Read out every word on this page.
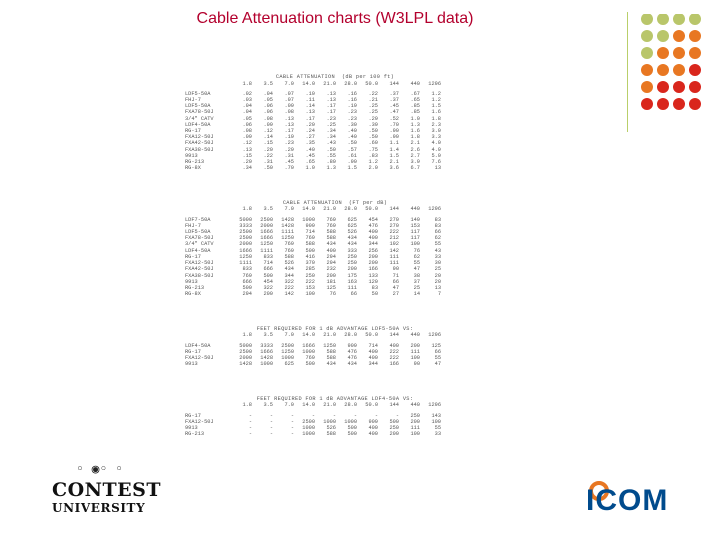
Cable Attenuation charts (W3LPL data)

CABLE ATTENUATION  (dB per 100 ft)
1.8	3.5	7.0	14.0	21.0	28.0	50.0	144	440	1296
LDF5-50A	.02	.04	.07	.10	.13	.16	.22	.37	.67	1.2
FHJ-7	.03	.05	.07	.11	.13	.16	.21	.37	.65	1.2
LDF5-50A	.04	.06	.09	.14	.17	.19	.25	.45	.85	1.5
FXA78-50J	.04	.06	.08	.13	.17	.23	.25	.47	.85	1.6
3/4" CATV	.05	.08	.13	.17	.23	.23	.29	.52	1.0	1.8
LDF4-50A	.06	.09	.13	.20	.25	.30	.39	.70	1.3	2.3
RG-17	.08	.12	.17	.24	.34	.40	.50	.90	1.6	3.0
FXA12-50J	.09	.14	.19	.27	.34	.40	.50	.90	1.8	3.3
FXA42-50J	.12	.15	.23	.35	.43	.50	.60	1.1	2.1	4.0
FXA38-50J	.13	.20	.29	.40	.50	.57	.75	1.4	2.6	4.9
9913	.15	.22	.31	.45	.55	.61	.83	1.5	2.7	5.0
RG-213	.20	.31	.45	.65	.80	.90	1.2	2.1	3.9	7.6
RG-8X	.34	.50	.70	1.0	1.3	1.5	2.0	3.6	6.7	13

CABLE ATTENUATION  (FT per dB)
1.8	3.5	7.0	14.0	21.0	28.0	50.0	144	440	1296
LDF7-50A	5000	2500	1428	1000	769	625	454	270	149	83
FHJ-7	3333	2000	1428	909	769	625	476	270	153	83
LDF5-50A	2500	1666	1111	714	588	526	400	222	117	66
FXA78-50J	2500	1666	1250	769	588	434	400	212	117	62
3/4" CATV	2000	1250	769	588	434	434	344	192	100	55
LDF4-50A	1666	1111	769	500	400	333	256	142	76	43
RG-17	1250	833	588	416	294	250	200	111	62	33
FXA12-50J	1111	714	526	370	294	250	200	111	55	30
FXA42-50J	833	666	434	285	232	200	166	90	47	25
FXA38-50J	769	500	344	250	200	175	133	71	38	20
9913	666	454	322	222	181	163	120	66	37	20
RG-213	500	322	222	153	125	111	83	47	25	13
RG-8X	294	200	142	100	76	66	50	27	14	7

FEET REQUIRED FOR 1 dB ADVANTAGE LDF5-50A VS:
1.8	3.5	7.0	14.0	21.0	28.0	50.0	144	440	1296
LDF4-50A	5000	3333	2500	1666	1250	909	714	400	200	125
RG-17	2500	1666	1250	1000	588	476	400	222	111	66
FXA12-50J	2000	1428	1000	769	588	476	400	222	100	55
9913	1428	1000	625	500	434	434	344	166	90	47

FEET REQUIRED FOR 1 dB ADVANTAGE LDF4-50A VS:
1.8	3.5	7.0	14.0	21.0	28.0	50.0	144	440	1296
RG-17	-	-	-	-	-	-	-	-	250	143
FXA12-50J	-	-	-	2500	1000	1000	909	500	200	100
9913	-	-	-	1000	526	500	400	250	111	55
RG-213	-	-	-	1000	588	500	400	200	100	33

◦ ◉◦ ◦
CONTEST
UNIVERSITY	ICOM
